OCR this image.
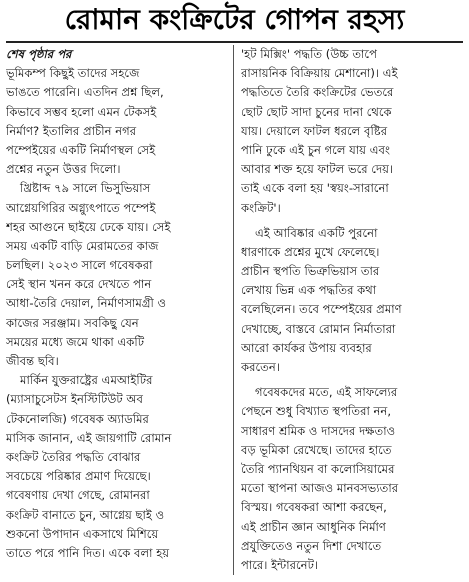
রোমান কংক্রিটের গোপন রহস্য
শেষ পৃষ্ঠার পর
ভূমিকম্প কিছুই তাদের সহজে
ভাঙতে পারেনি। এতদিন প্রশ্ন ছিল,
কিভাবে সম্ভব হলো এমন টেকসই
নির্মাণ? ইতালির প্রাচীন নগর
পম্পেইয়ের একটি নির্মাণস্থল সেই
প্রশ্নের নতুন উত্তর দিলো।
খ্রিষ্টাব্দ ৭৯ সালে ভিসুভিয়াস
আগ্নেয়গিরির অগ্ন্যুৎপাতে পম্পেই
শহর আগুনে ছাইয়ে ঢেকে যায়। সেই
সময় একটি বাড়ি মেরামতের কাজ
চলছিল। ২০২৩ সালে গবেষকরা
সেই স্থান খনন করে দেখতে পান
আধা-তৈরি দেয়াল, নির্মাণসামগ্রী ও
কাজের সরঞ্জাম। সবকিছু যেন
সময়ের মধ্যে জমে থাকা একটি
জীবন্ত ছবি।
মার্কিন যুক্তরাষ্ট্রের এমআইটির
(ম্যাসাচুসেটস ইনস্টিটিউট অব
টেকনোলজি) গবেষক অ্যাডমির
মাসিক জানান, এই জায়গাটি রোমান
কংক্রিট তৈরির পদ্ধতি বোঝার
সবচেয়ে পরিষ্কার প্রমাণ দিয়েছে।
গবেষণায় দেখা গেছে, রোমানরা
কংক্রিট বানাতে চুন, আগ্নেয় ছাই ও
শুকনো উপাদান একসাথে মিশিয়ে
তাতে পরে পানি দিত। একে বলা হয়
'হট মিক্সিং' পদ্ধতি (উচ্চ তাপে
রাসায়নিক বিক্রিয়ায় মেশানো)। এই
পদ্ধতিতে তৈরি কংক্রিটের ভেতরে
ছোট ছোট সাদা চুনের দানা থেকে
যায়। দেয়ালে ফাটল ধরলে বৃষ্টির
পানি ঢুকে এই চুন গলে যায় এবং
আবার শক্ত হয়ে ফাটল ভরে দেয়।
তাই একে বলা হয় 'স্বয়ং-সারানো
কংক্রিট'।
এই আবিষ্কার একটি পুরনো
ধারণাকে প্রশ্নের মুখে ফেলেছে।
প্রাচীন স্থপতি ভিত্রুভিয়াস তার
লেখায় ভিন্ন এক পদ্ধতির কথা
বলেছিলেন। তবে পম্পেইয়ের প্রমাণ
দেখাচ্ছে, বাস্তবে রোমান নির্মাতারা
আরো কার্যকর উপায় ব্যবহার
করতেন।
গবেষকদের মতে, এই সাফল্যের
পেছনে শুধু বিখ্যাত স্থপতিরা নন,
সাধারণ শ্রমিক ও দাসদের দক্ষতাও
বড় ভূমিকা রেখেছে। তাদের হাতে
তৈরি প্যানথিয়ন বা কলোসিয়ামের
মতো স্থাপনা আজও মানবসভ্যতার
বিস্ময়। গবেষকরা আশা করছেন,
এই প্রাচীন জ্ঞান আধুনিক নির্মাণ
প্রযুক্তিতেও নতুন দিশা দেখাতে
পারে। ইন্টারনেট।
